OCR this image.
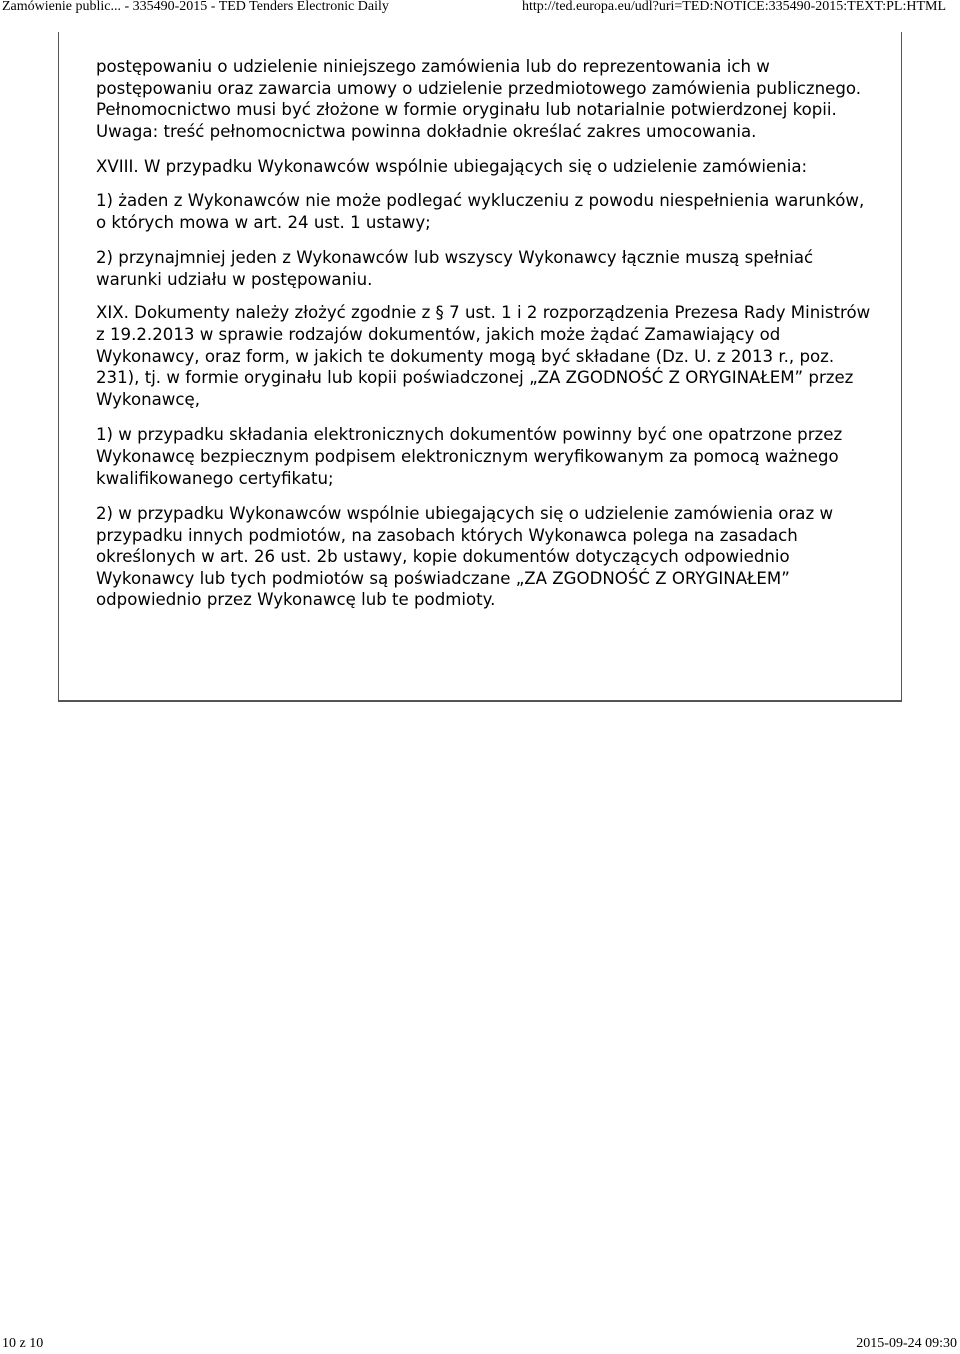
Zamówienie public... - 335490-2015 - TED Tenders Electronic Daily	http://ted.europa.eu/udl?uri=TED:NOTICE:335490-2015:TEXT:PL:HTML

postępowaniu o udzielenie niniejszego zamówienia lub do reprezentowania ich w postępowaniu oraz zawarcia umowy o udzielenie przedmiotowego zamówienia publicznego. Pełnomocnictwo musi być złożone w formie oryginału lub notarialnie potwierdzonej kopii. Uwaga: treść pełnomocnictwa powinna dokładnie określać zakres umocowania.

XVIII. W przypadku Wykonawców wspólnie ubiegających się o udzielenie zamówienia:

1) żaden z Wykonawców nie może podlegać wykluczeniu z powodu niespełnienia warunków, o których mowa w art. 24 ust. 1 ustawy;

2) przynajmniej jeden z Wykonawców lub wszyscy Wykonawcy łącznie muszą spełniać warunki udziału w postępowaniu.

XIX. Dokumenty należy złożyć zgodnie z § 7 ust. 1 i 2 rozporządzenia Prezesa Rady Ministrów z 19.2.2013 w sprawie rodzajów dokumentów, jakich może żądać Zamawiający od Wykonawcy, oraz form, w jakich te dokumenty mogą być składane (Dz. U. z 2013 r., poz. 231), tj. w formie oryginału lub kopii poświadczonej „ZA ZGODNOŚĆ Z ORYGINAŁEM” przez Wykonawcę,

1) w przypadku składania elektronicznych dokumentów powinny być one opatrzone przez Wykonawcę bezpiecznym podpisem elektronicznym weryfikowanym za pomocą ważnego kwalifikowanego certyfikatu;

2) w przypadku Wykonawców wspólnie ubiegających się o udzielenie zamówienia oraz w przypadku innych podmiotów, na zasobach których Wykonawca polega na zasadach określonych w art. 26 ust. 2b ustawy, kopie dokumentów dotyczących odpowiednio Wykonawcy lub tych podmiotów są poświadczane „ZA ZGODNOŚĆ Z ORYGINAŁEM” odpowiednio przez Wykonawcę lub te podmioty.

10 z 10	2015-09-24 09:30
